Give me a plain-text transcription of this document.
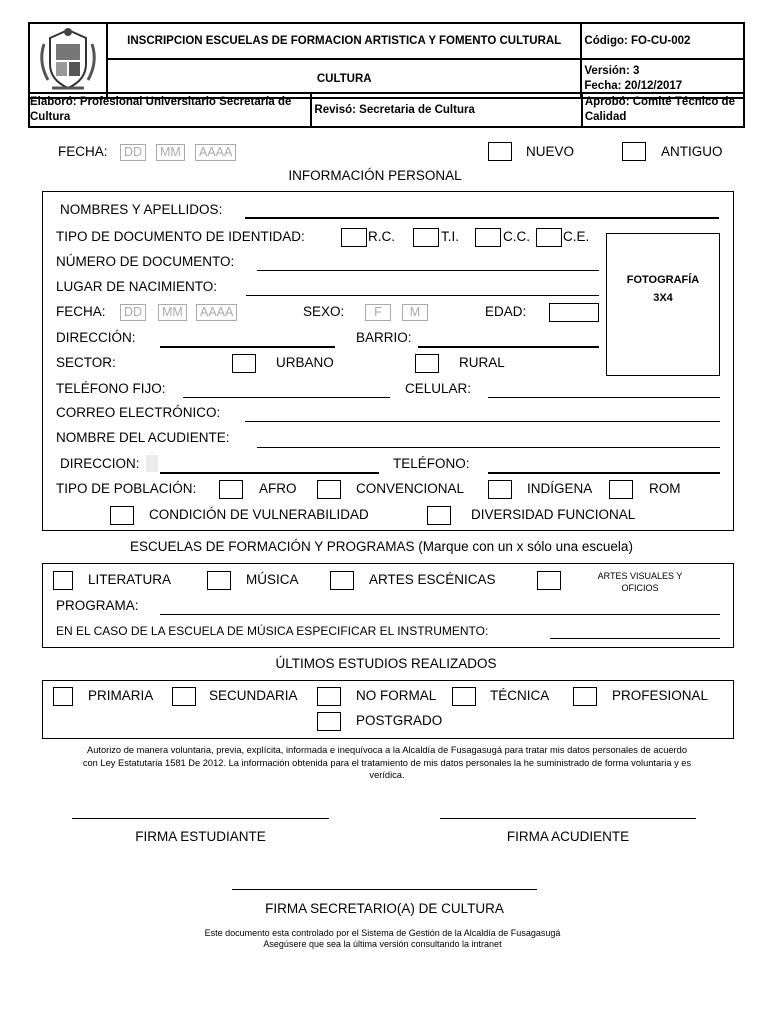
	INSCRIPCION ESCUELAS DE FORMACION ARTISTICA Y FOMENTO CULTURAL	Código: FO-CU-002
	CULTURA	Versión: 3
Fecha: 20/12/2017
Elaboró: Profesional Universitario Secretaría de Cultura	Revisó: Secretaria de Cultura	Aprobó: Comité Técnico de Calidad
FECHA:	DD	MM	AAAA	NUEVO	ANTIGUO
INFORMACIÓN PERSONAL
NOMBRES Y APELLIDOS:
TIPO DE DOCUMENTO DE IDENTIDAD:	R.C.	T.I.	C.C. C.E.
FOTOGRAFÍA
3X4
NÚMERO DE DOCUMENTO:
LUGAR DE NACIMIENTO:
FECHA:	DD	MM	AAAA	SEXO:	F	M	EDAD:
DIRECCIÓN:	BARRIO:
SECTOR:	URBANO	RURAL
TELÉFONO FIJO:	CELULAR:
CORREO ELECTRÓNICO:
NOMBRE DEL ACUDIENTE:
DIRECCION:	TELÉFONO:
TIPO DE POBLACIÓN:	AFRO	CONVENCIONAL	INDÍGENA	ROM
CONDICIÓN DE VULNERABILIDAD	DIVERSIDAD FUNCIONAL
ESCUELAS DE FORMACIÓN Y PROGRAMAS (Marque con un x sólo una escuela)
LITERATURA	MÚSICA	ARTES ESCÉNICAS	ARTES VISUALES Y
OFICIOS
PROGRAMA:
EN EL CASO DE LA ESCUELA DE MÚSICA ESPECIFICAR EL INSTRUMENTO:
ÚLTIMOS ESTUDIOS REALIZADOS
PRIMARIA	SECUNDARIA	NO FORMAL	TÉCNICA	PROFESIONAL
POSTGRADO
Autorizo de manera voluntaria, previa, explícita, informada e inequívoca a la Alcaldía de Fusagasugá para tratar mis datos personales de acuerdo
con Ley Estatutaria 1581 De 2012. La información obtenida para el tratamiento de mis datos personales la he suministrado de forma voluntaria y es
verídica.
FIRMA ESTUDIANTE	FIRMA ACUDIENTE
FIRMA SECRETARIO(A) DE CULTURA
Este documento esta controlado por el Sistema de Gestión de la Alcaldía de Fusagasugá
Asegúsere que sea la última versión consultando la intranet
